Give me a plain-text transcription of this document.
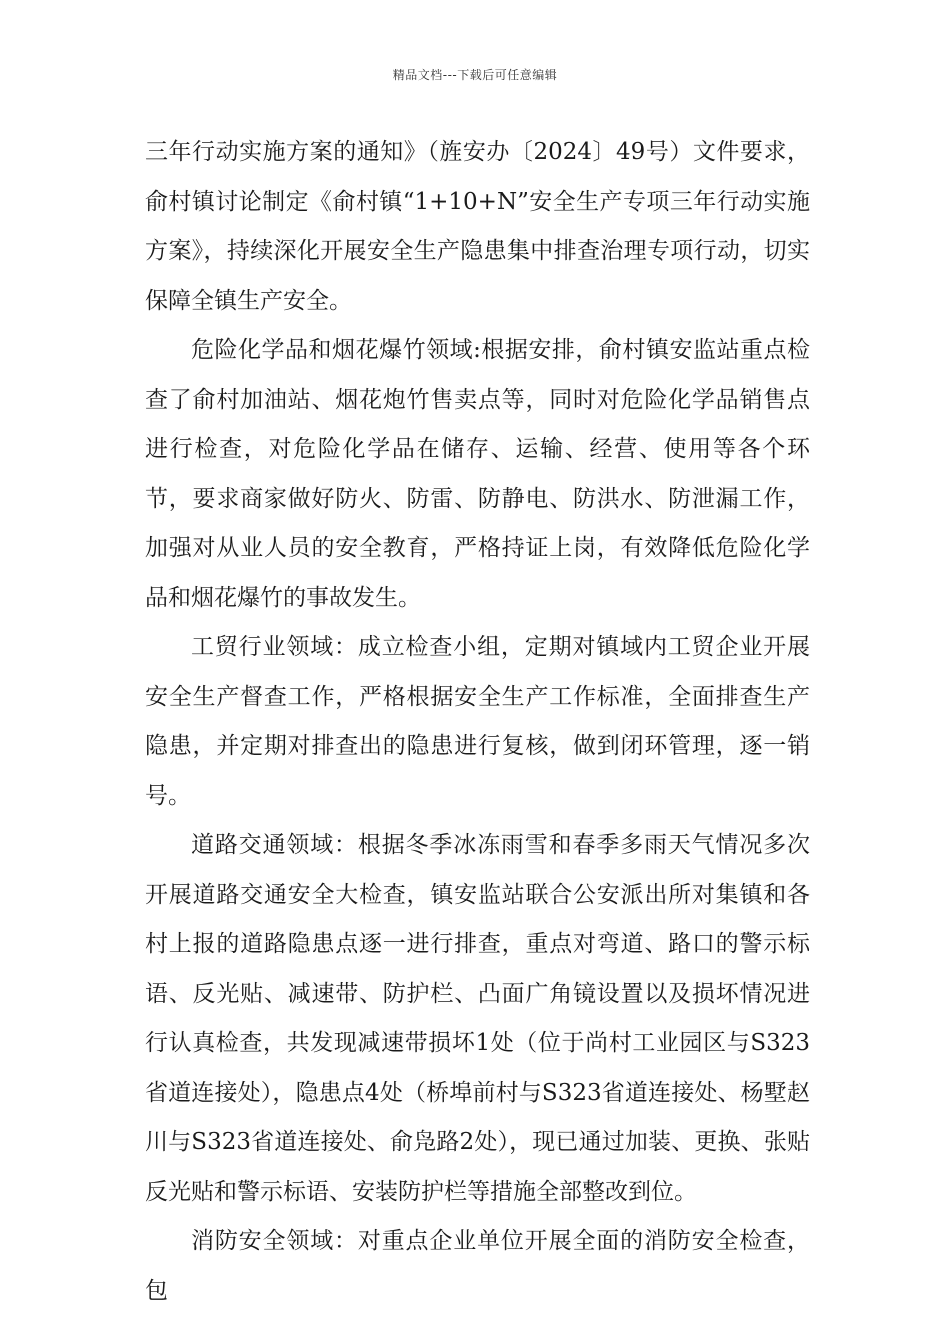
精品文档---下载后可任意编辑

三年行动实施方案的通知》（旌安办〔2024〕49号）文件要求，俞村镇讨论制定《俞村镇“1+10+N”安全生产专项三年行动实施方案》，持续深化开展安全生产隐患集中排查治理专项行动，切实保障全镇生产安全。

危险化学品和烟花爆竹领域:根据安排，俞村镇安监站重点检查了俞村加油站、烟花炮竹售卖点等，同时对危险化学品销售点进行检查，对危险化学品在储存、运输、经营、使用等各个环节，要求商家做好防火、防雷、防静电、防洪水、防泄漏工作，加强对从业人员的安全教育，严格持证上岗，有效降低危险化学品和烟花爆竹的事故发生。

工贸行业领域：成立检查小组，定期对镇域内工贸企业开展安全生产督查工作，严格根据安全生产工作标准，全面排查生产隐患，并定期对排查出的隐患进行复核，做到闭环管理，逐一销号。

道路交通领域：根据冬季冰冻雨雪和春季多雨天气情况多次开展道路交通安全大检查，镇安监站联合公安派出所对集镇和各村上报的道路隐患点逐一进行排查，重点对弯道、路口的警示标语、反光贴、减速带、防护栏、凸面广角镜设置以及损坏情况进行认真检查，共发现减速带损坏1处（位于尚村工业园区与S323省道连接处），隐患点4处（桥埠前村与S323省道连接处、杨墅赵川与S323省道连接处、俞凫路2处），现已通过加装、更换、张贴反光贴和警示标语、安装防护栏等措施全部整改到位。

消防安全领域：对重点企业单位开展全面的消防安全检查，包
